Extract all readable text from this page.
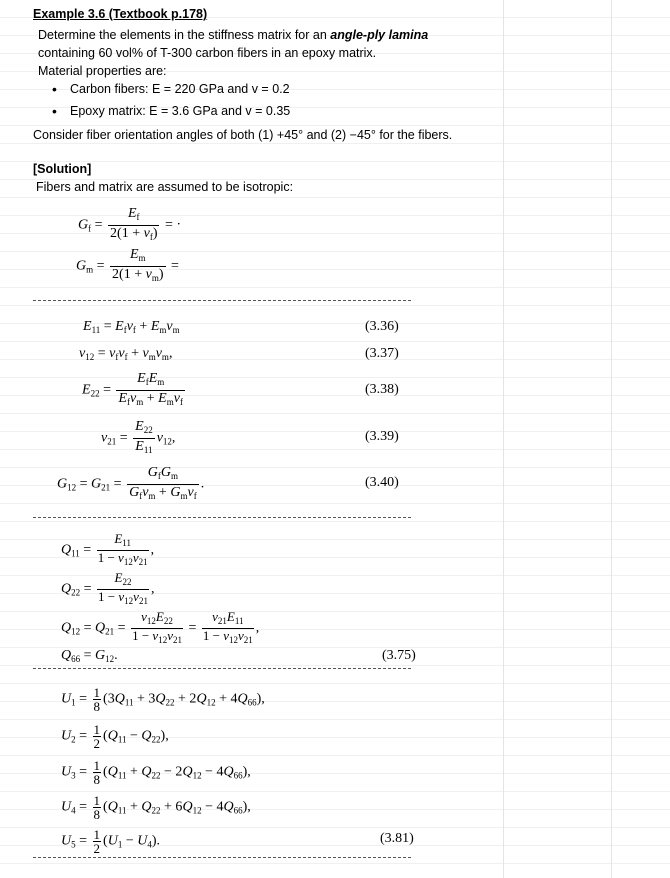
Example 3.6 (Textbook p.178)
Determine the elements in the stiffness matrix for an angle-ply lamina
containing 60 vol% of T-300 carbon fibers in an epoxy matrix.
Material properties are:
• Carbon fibers: E = 220 GPa and v = 0.2
• Epoxy matrix: E = 3.6 GPa and v = 0.35
Consider fiber orientation angles of both (1) +45° and (2) −45° for the fibers.
[Solution]
Fibers and matrix are assumed to be isotropic:
$G_f = \frac{E_f}{2(1 + \nu_f)}$ = ·
$G_m = \frac{E_m}{2(1 + \nu_m)}$ =
$E_{11} = E_fv_f + E_mv_m$	(3.36)
$\nu_{12} = \nu_fv_f + \nu_mv_m$,	(3.37)
$E_{22} = \frac{E_fE_m}{E_fv_m + E_mv_f}$	(3.38)
$\nu_{21} = \frac{E_{22}}{E_{11}} \nu_{12}$,	(3.39)
$G_{12} = G_{21} = \frac{G_fG_m}{G_fv_m + G_mv_f}$ .	(3.40)
$Q_{11} = \frac{E_{11}}{1 - \nu_{12}\nu_{21}}$ ,
$Q_{22} = \frac{E_{22}}{1 - \nu_{12}\nu_{21}}$ ,
$Q_{12} = Q_{21} = \frac{\nu_{12}E_{22}}{1 - \nu_{12}\nu_{21}} = \frac{\nu_{21}E_{11}}{1 - \nu_{12}\nu_{21}}$ ,
$Q_{66} = G_{12}$.	(3.75)
$U_1 = \frac{1}{8} (3Q_{11} + 3Q_{22} + 2Q_{12} + 4Q_{66})$,
$U_2 = \frac{1}{2} (Q_{11} - Q_{22})$,
$U_3 = \frac{1}{8} (Q_{11} + Q_{22} - 2Q_{12} - 4Q_{66})$,
$U_4 = \frac{1}{8} (Q_{11} + Q_{22} + 6Q_{12} - 4Q_{66})$,
$U_5 = \frac{1}{2} (U_1 - U_4)$.	(3.81)
